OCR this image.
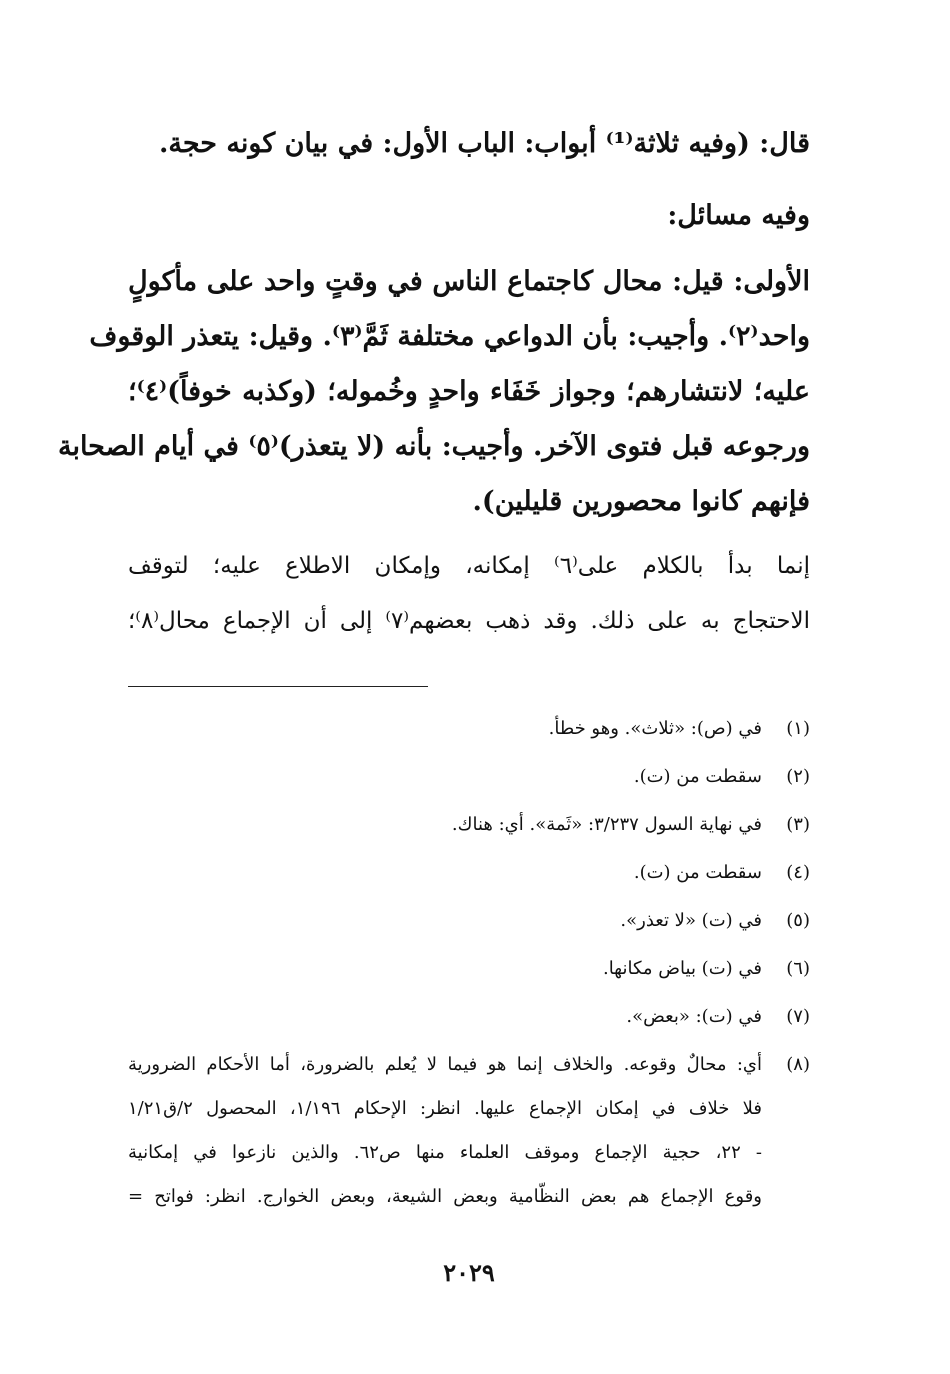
قال: (وفيه ثلاثة⁽¹⁾ أبواب: الباب الأول: في بيان كونه حجة.
وفيه مسائل:
الأولى: قيل: محال كاجتماع الناس في وقتٍ واحد على مأكولٍ
واحد⁽٢⁾. وأجيب: بأن الدواعي مختلفة ثَمَّ⁽٣⁾. وقيل: يتعذر الوقوف
عليه؛ لانتشارهم؛ وجواز خَفَاء واحدٍ وخُموله؛ (وكذبه خوفاً)⁽٤⁾؛
ورجوعه قبل فتوى الآخر. وأجيب: بأنه (لا يتعذر)⁽٥⁾ في أيام الصحابة
فإنهم كانوا محصورين قليلين).
إنما بدأ بالكلام على⁽٦⁾ إمكانه، وإمكان الاطلاع عليه؛ لتوقف
الاحتجاج به على ذلك. وقد ذهب بعضهم⁽٧⁾ إلى أن الإجماع محال⁽٨⁾؛
(١)في (ص): «ثلاث». وهو خطأ.
(٢)سقطت من (ت).
(٣)في نهاية السول ٣/٢٣٧: «ثَمة». أي: هناك.
(٤)سقطت من (ت).
(٥)في (ت) «لا تعذر».
(٦)في (ت) بياض مكانها.
(٧)في (ت): «بعض».
(٨)أي: محالٌ وقوعه. والخلاف إنما هو فيما لا يُعلم بالضرورة، أما الأحكام الضرورية
فلا خلاف في إمكان الإجماع عليها. انظر: الإحكام ١/١٩٦، المحصول ٢/ق١/٢١
- ٢٢، حجية الإجماع وموقف العلماء منها ص٦٢. والذين نازعوا في إمكانية
وقوع الإجماع هم بعض النظّامية وبعض الشيعة، وبعض الخوارج. انظر: فواتح =
٢٠٢٩
